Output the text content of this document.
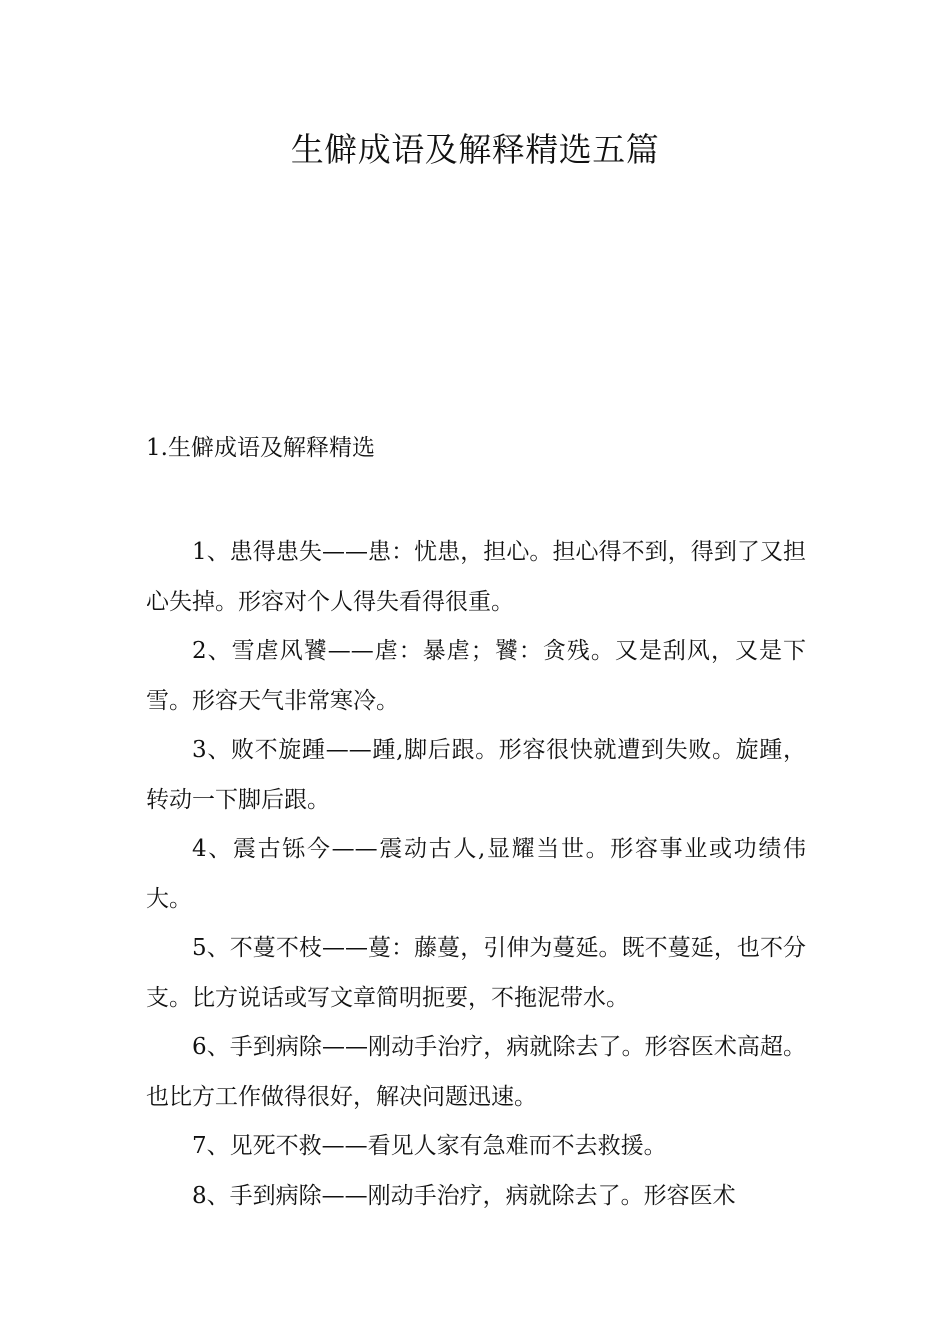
生僻成语及解释精选五篇
1.生僻成语及解释精选

1、患得患失——患：忧患，担心。担心得不到，得到了又担心失掉。形容对个人得失看得很重。

2、雪虐风饕——虐：暴虐；饕：贪残。又是刮风，又是下雪。形容天气非常寒冷。

3、败不旋踵——踵,脚后跟。形容很快就遭到失败。旋踵，转动一下脚后跟。

4、震古铄今——震动古人,显耀当世。形容事业或功绩伟大。

5、不蔓不枝——蔓：藤蔓，引伸为蔓延。既不蔓延，也不分支。比方说话或写文章简明扼要，不拖泥带水。

6、手到病除——刚动手治疗，病就除去了。形容医术高超。也比方工作做得很好，解决问题迅速。

7、见死不救——看见人家有急难而不去救援。

8、手到病除——刚动手治疗，病就除去了。形容医术
